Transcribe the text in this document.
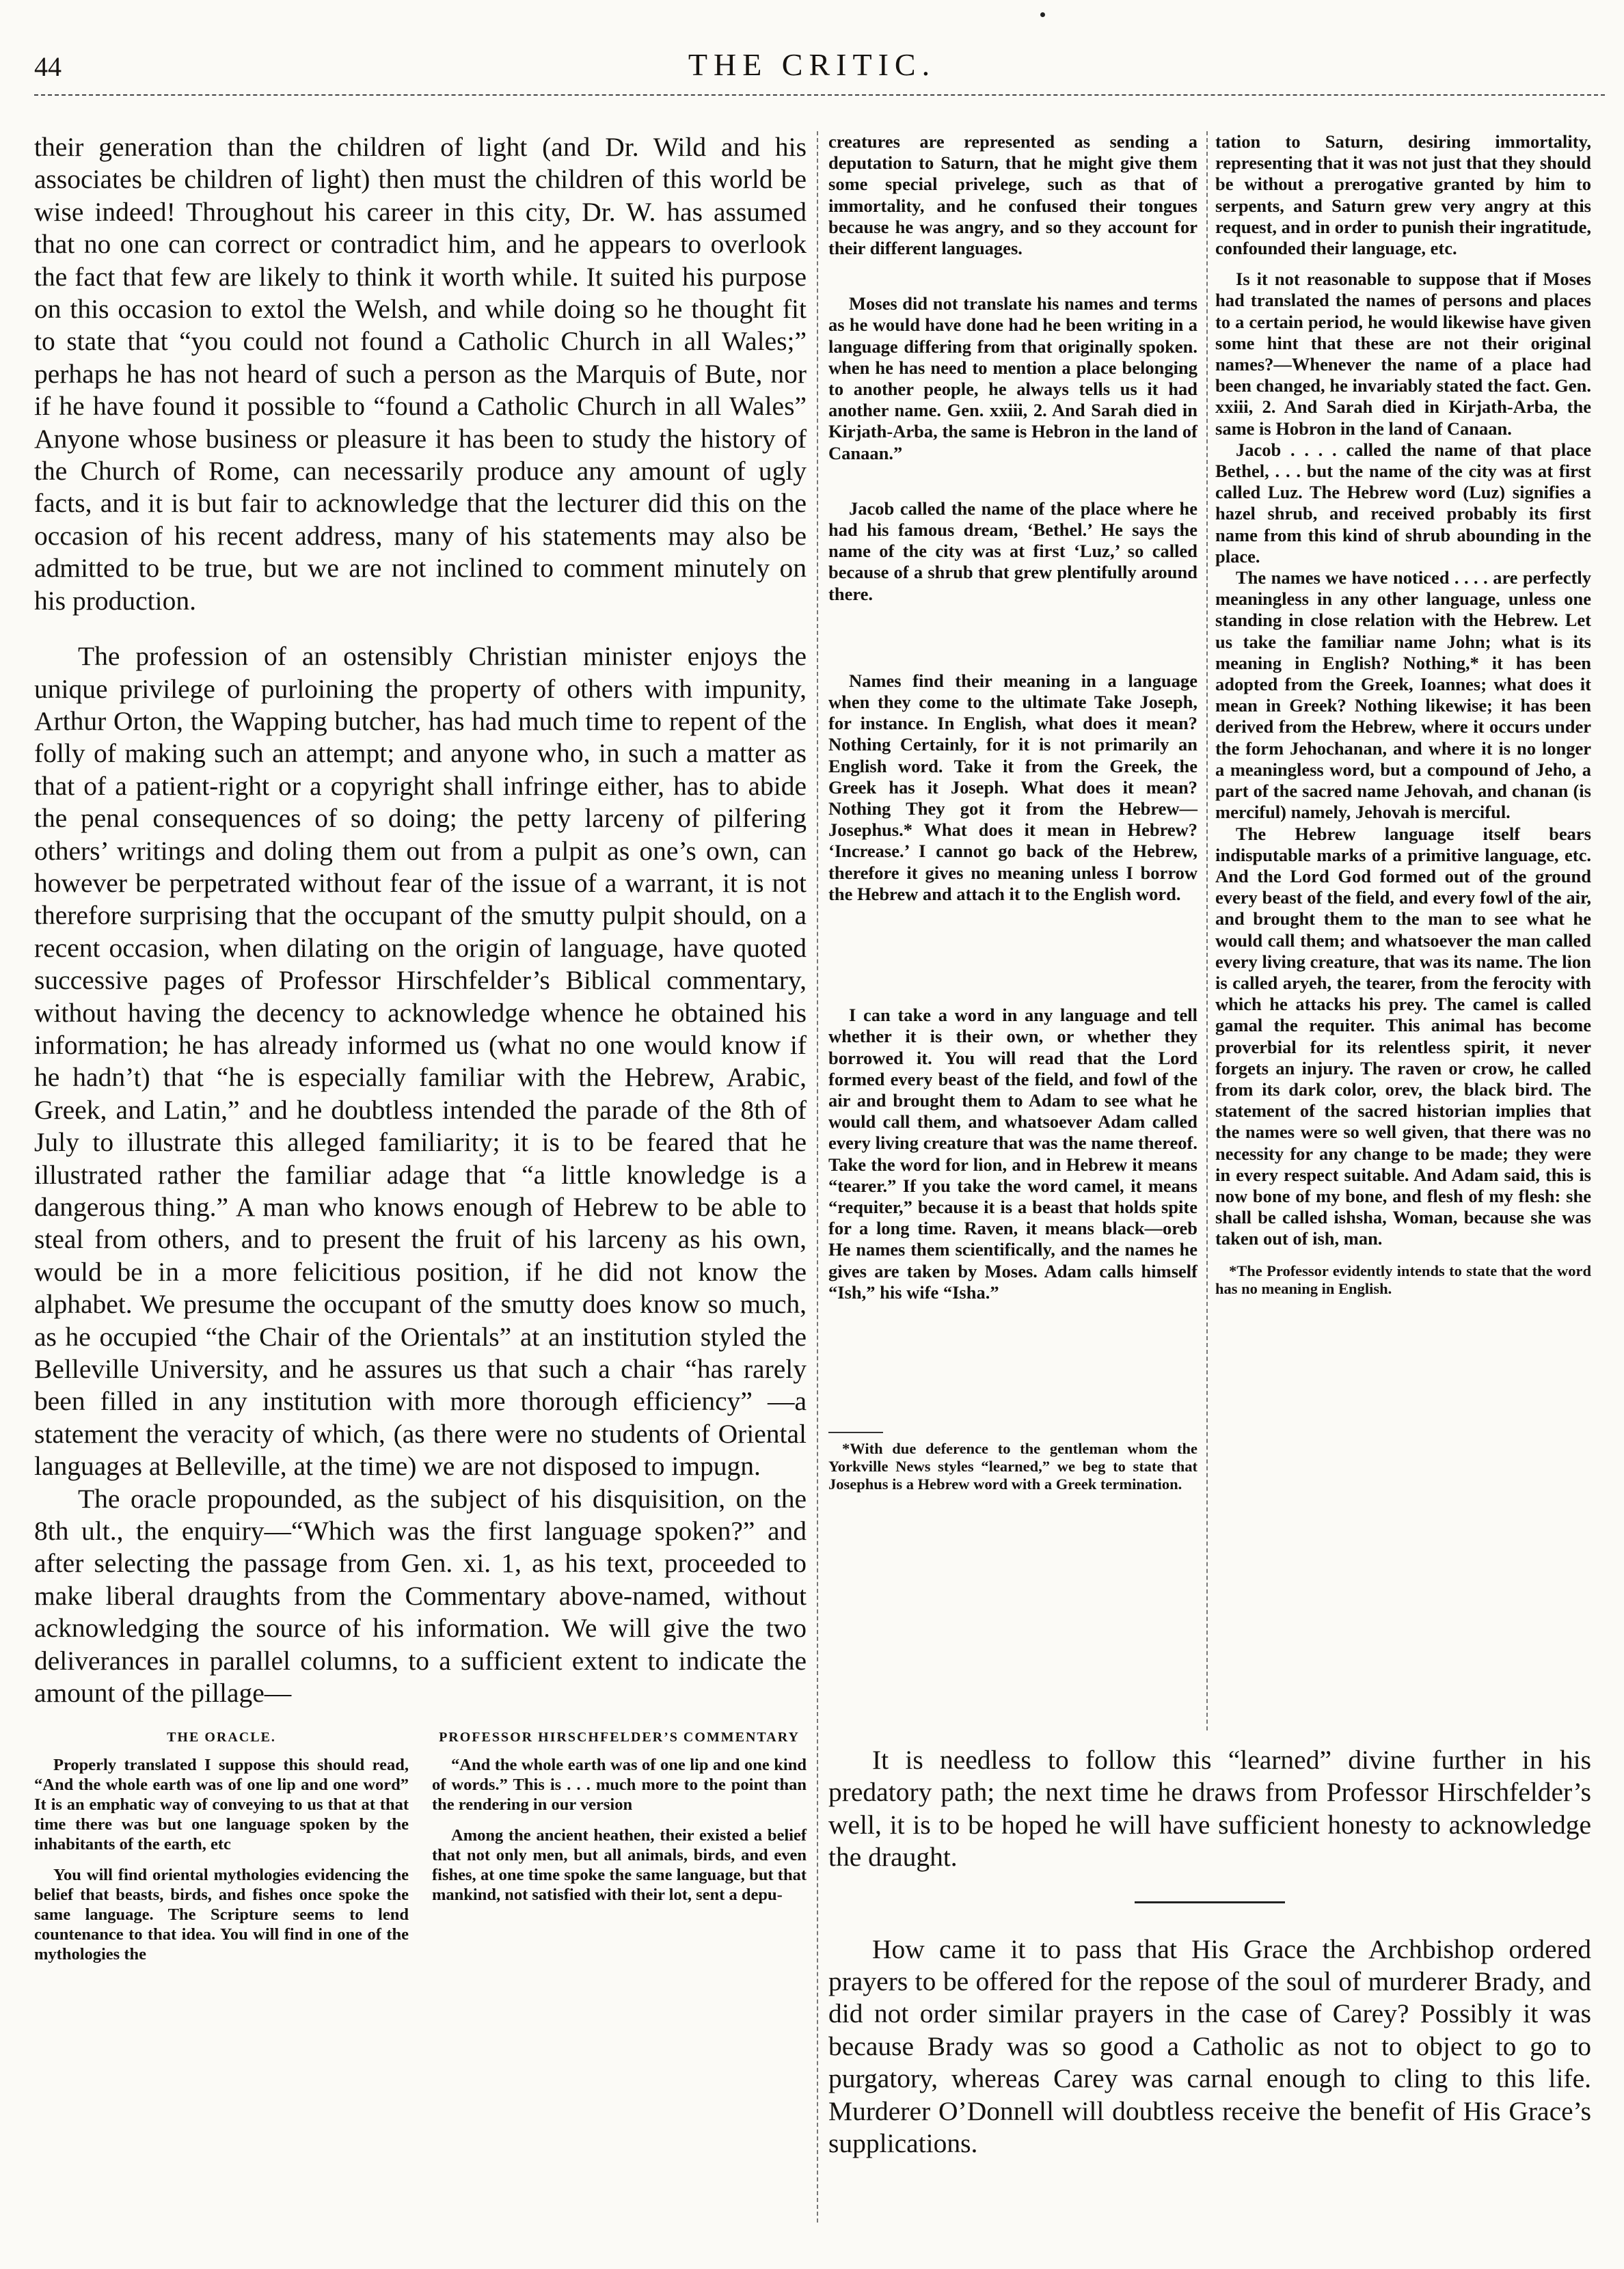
44	THE CRITIC.

their generation than the children of light (and Dr. Wild and his associates be children of light) then must the children of this world be wise indeed! Throughout his career in this city, Dr. W. has assumed that no one can correct or contradict him, and he appears to overlook the fact that few are likely to think it worth while. It suited his purpose on this occasion to extol the Welsh, and while doing so he thought fit to state that “you could not found a Catholic Church in all Wales;” perhaps he has not heard of such a person as the Marquis of Bute, nor if he have found it possible to “found a Catholic Church in all Wales” Anyone whose business or pleasure it has been to study the history of the Church of Rome, can necessarily produce any amount of ugly facts, and it is but fair to acknowledge that the lecturer did this on the occasion of his recent address, many of his statements may also be admitted to be true, but we are not inclined to comment minutely on his production.

The profession of an ostensibly Christian minister enjoys the unique privilege of purloining the property of others with impunity, Arthur Orton, the Wapping butcher, has had much time to repent of the folly of making such an attempt; and anyone who, in such a matter as that of a patient-right or a copyright shall infringe either, has to abide the penal consequences of so doing; the petty larceny of pilfering others’ writings and doling them out from a pulpit as one’s own, can however be perpetrated without fear of the issue of a warrant, it is not therefore surprising that the occupant of the smutty pulpit should, on a recent occasion, when dilating on the origin of language, have quoted successive pages of Professor Hirschfelder’s Biblical commentary, without having the decency to acknowledge whence he obtained his information; he has already informed us (what no one would know if he hadn’t) that “he is especially familiar with the Hebrew, Arabic, Greek, and Latin,” and he doubtless intended the parade of the 8th of July to illustrate this alleged familiarity; it is to be feared that he illustrated rather the familiar adage that “a little knowledge is a dangerous thing.” A man who knows enough of Hebrew to be able to steal from others, and to present the fruit of his larceny as his own, would be in a more felicitious position, if he did not know the alphabet. We presume the occupant of the smutty does know so much, as he occupied “the Chair of the Orientals” at an institution styled the Belleville University, and he assures us that such a chair “has rarely been filled in any institution with more thorough efficiency” —a statement the veracity of which, (as there were no students of Oriental languages at Belleville, at the time) we are not disposed to impugn.

The oracle propounded, as the subject of his disquisition, on the 8th ult., the enquiry—“Which was the first language spoken?” and after selecting the passage from Gen. xi. 1, as his text, proceeded to make liberal draughts from the Commentary above-named, without acknowledging the source of his information. We will give the two deliverances in parallel columns, to a sufficient extent to indicate the amount of the pillage—

THE ORACLE.

Properly translated I suppose this should read, “And the whole earth was of one lip and one word” It is an emphatic way of conveying to us that at that time there was but one language spoken by the inhabitants of the earth, etc

You will find oriental mythologies evidencing the belief that beasts, birds, and fishes once spoke the same language. The Scripture seems to lend countenance to that idea. You will find in one of the mythologies the

PROFESSOR HIRSCHFELDER’S COMMENTARY

“And the whole earth was of one lip and one kind of words.” This is . . . much more to the point than the rendering in our version

Among the ancient heathen, their existed a belief that not only men, but all animals, birds, and even fishes, at one time spoke the same language, but that mankind, not satisfied with their lot, sent a depu-

creatures are represented as sending a deputation to Saturn, that he might give them some special privelege, such as that of immortality, and he confused their tongues because he was angry, and so they account for their different languages.

Moses did not translate his names and terms as he would have done had he been writing in a language differing from that originally spoken. when he has need to mention a place belonging to another people, he always tells us it had another name. Gen. xxiii, 2. And Sarah died in Kirjath-Arba, the same is Hebron in the land of Canaan.”

Jacob called the name of the place where he had his famous dream, ‘Bethel.’ He says the name of the city was at first ‘Luz,’ so called because of a shrub that grew plentifully around there.

Names find their meaning in a language when they come to the ultimate Take Joseph, for instance. In English, what does it mean? Nothing Certainly, for it is not primarily an English word. Take it from the Greek, the Greek has it Joseph. What does it mean? Nothing They got it from the Hebrew—Josephus.* What does it mean in Hebrew? ‘Increase.’ I cannot go back of the Hebrew, therefore it gives no meaning unless I borrow the Hebrew and attach it to the English word.

I can take a word in any language and tell whether it is their own, or whether they borrowed it. You will read that the Lord formed every beast of the field, and fowl of the air and brought them to Adam to see what he would call them, and whatsoever Adam called every living creature that was the name thereof. Take the word for lion, and in Hebrew it means “tearer.” If you take the word camel, it means “requiter,” because it is a beast that holds spite for a long time. Raven, it means black—oreb He names them scientifically, and the names he gives are taken by Moses. Adam calls himself “Ish,” his wife “Isha.”

*With due deference to the gentleman whom the Yorkville News styles “learned,” we beg to state that Josephus is a Hebrew word with a Greek termination.

tation to Saturn, desiring immortality, representing that it was not just that they should be without a prerogative granted by him to serpents, and Saturn grew very angry at this request, and in order to punish their ingratitude, confounded their language, etc.

Is it not reasonable to suppose that if Moses had translated the names of persons and places to a certain period, he would likewise have given some hint that these are not their original names?—Whenever the name of a place had been changed, he invariably stated the fact. Gen. xxiii, 2. And Sarah died in Kirjath-Arba, the same is Hobron in the land of Canaan.

Jacob . . . . called the name of that place Bethel, . . . but the name of the city was at first called Luz. The Hebrew word (Luz) signifies a hazel shrub, and received probably its first name from this kind of shrub abounding in the place.

The names we have noticed . . . . are perfectly meaningless in any other language, unless one standing in close relation with the Hebrew. Let us take the familiar name John; what is its meaning in English? Nothing,* it has been adopted from the Greek, Ioannes; what does it mean in Greek? Nothing likewise; it has been derived from the Hebrew, where it occurs under the form Jehochanan, and where it is no longer a meaningless word, but a compound of Jeho, a part of the sacred name Jehovah, and chanan (is merciful) namely, Jehovah is merciful.

The Hebrew language itself bears indisputable marks of a primitive language, etc. And the Lord God formed out of the ground every beast of the field, and every fowl of the air, and brought them to the man to see what he would call them; and whatsoever the man called every living creature, that was its name. The lion is called aryeh, the tearer, from the ferocity with which he attacks his prey. The camel is called gamal the requiter. This animal has become proverbial for its relentless spirit, it never forgets an injury. The raven or crow, he called from its dark color, orev, the black bird. The statement of the sacred historian implies that the names were so well given, that there was no necessity for any change to be made; they were in every respect suitable. And Adam said, this is now bone of my bone, and flesh of my flesh: she shall be called ishsha, Woman, because she was taken out of ish, man.

*The Professor evidently intends to state that the word has no meaning in English.

It is needless to follow this “learned” divine further in his predatory path; the next time he draws from Professor Hirschfelder’s well, it is to be hoped he will have sufficient honesty to acknowledge the draught.

How came it to pass that His Grace the Archbishop ordered prayers to be offered for the repose of the soul of murderer Brady, and did not order similar prayers in the case of Carey? Possibly it was because Brady was so good a Catholic as not to object to go to purgatory, whereas Carey was carnal enough to cling to this life. Murderer O’Donnell will doubtless receive the benefit of His Grace’s supplications.
